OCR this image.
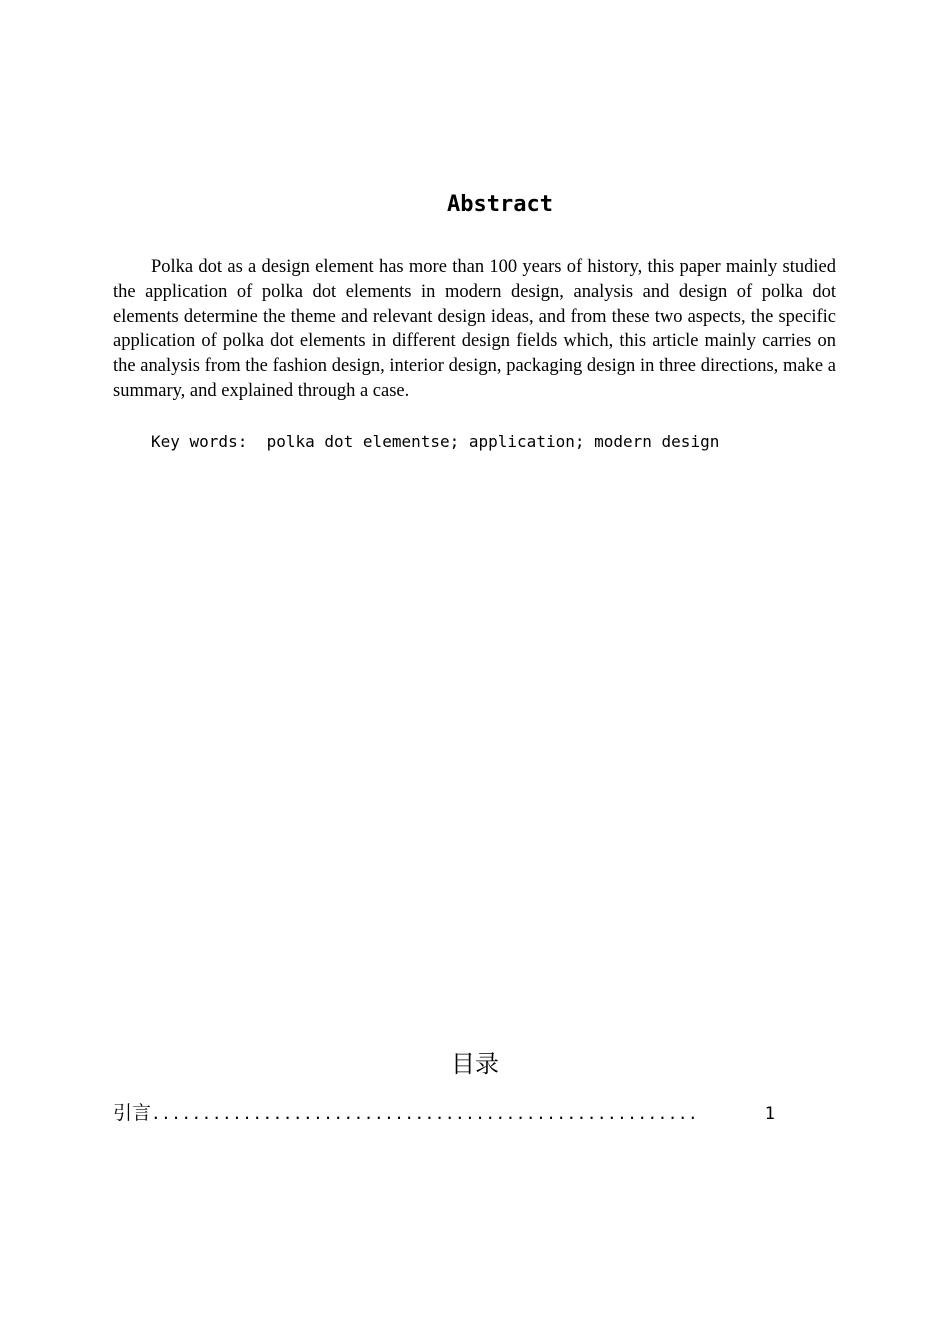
Abstract

Polka dot as a design element has more than 100 years of history, this paper mainly studied the application of polka dot elements in modern design, analysis and design of polka dot elements determine the theme and relevant design ideas, and from these two aspects, the specific application of polka dot elements in different design fields which, this article mainly carries on the analysis from the fashion design, interior design, packaging design in three directions, make a summary, and explained through a case.

Key words:  polka dot elementse; application; modern design
目录
引言 ......................................................	1
